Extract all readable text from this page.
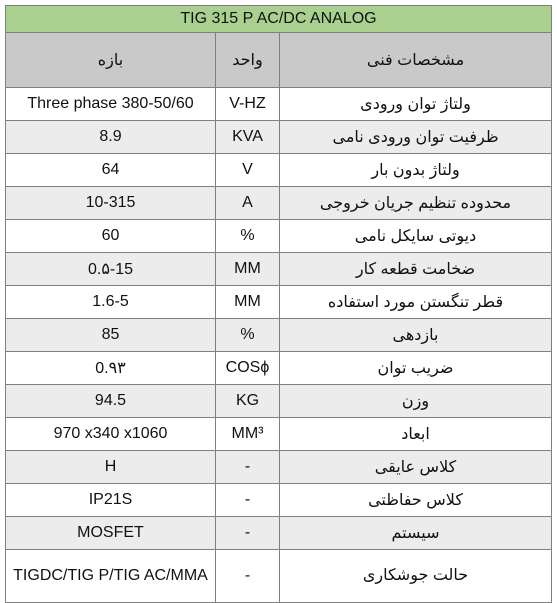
TIG 315 P AC/DC ANALOG		
بازه	واحد	مشخصات فنی
Three phase 380-50/60	V-HZ	ولتاژ توان ورودی
8.9	KVA	ظرفیت توان ورودی نامی
64	V	ولتاژ بدون بار
10-315	A	محدوده تنظیم جریان خروجی
60	%	دیوتی سایکل نامی
0.۵-15	MM	ضخامت قطعه کار
1.6-5	MM	قطر تنگستن مورد استفاده
85	%	بازدهی
0.۹۳	COSϕ	ضریب توان
94.5	KG	وزن
970 x340 x1060	MM³	ابعاد
H	-	کلاس عایقی
IP21S	-	کلاس حفاظتی
MOSFET	-	سیستم
TIGDC/TIG P/TIG AC/MMA	-	حالت جوشکاری
